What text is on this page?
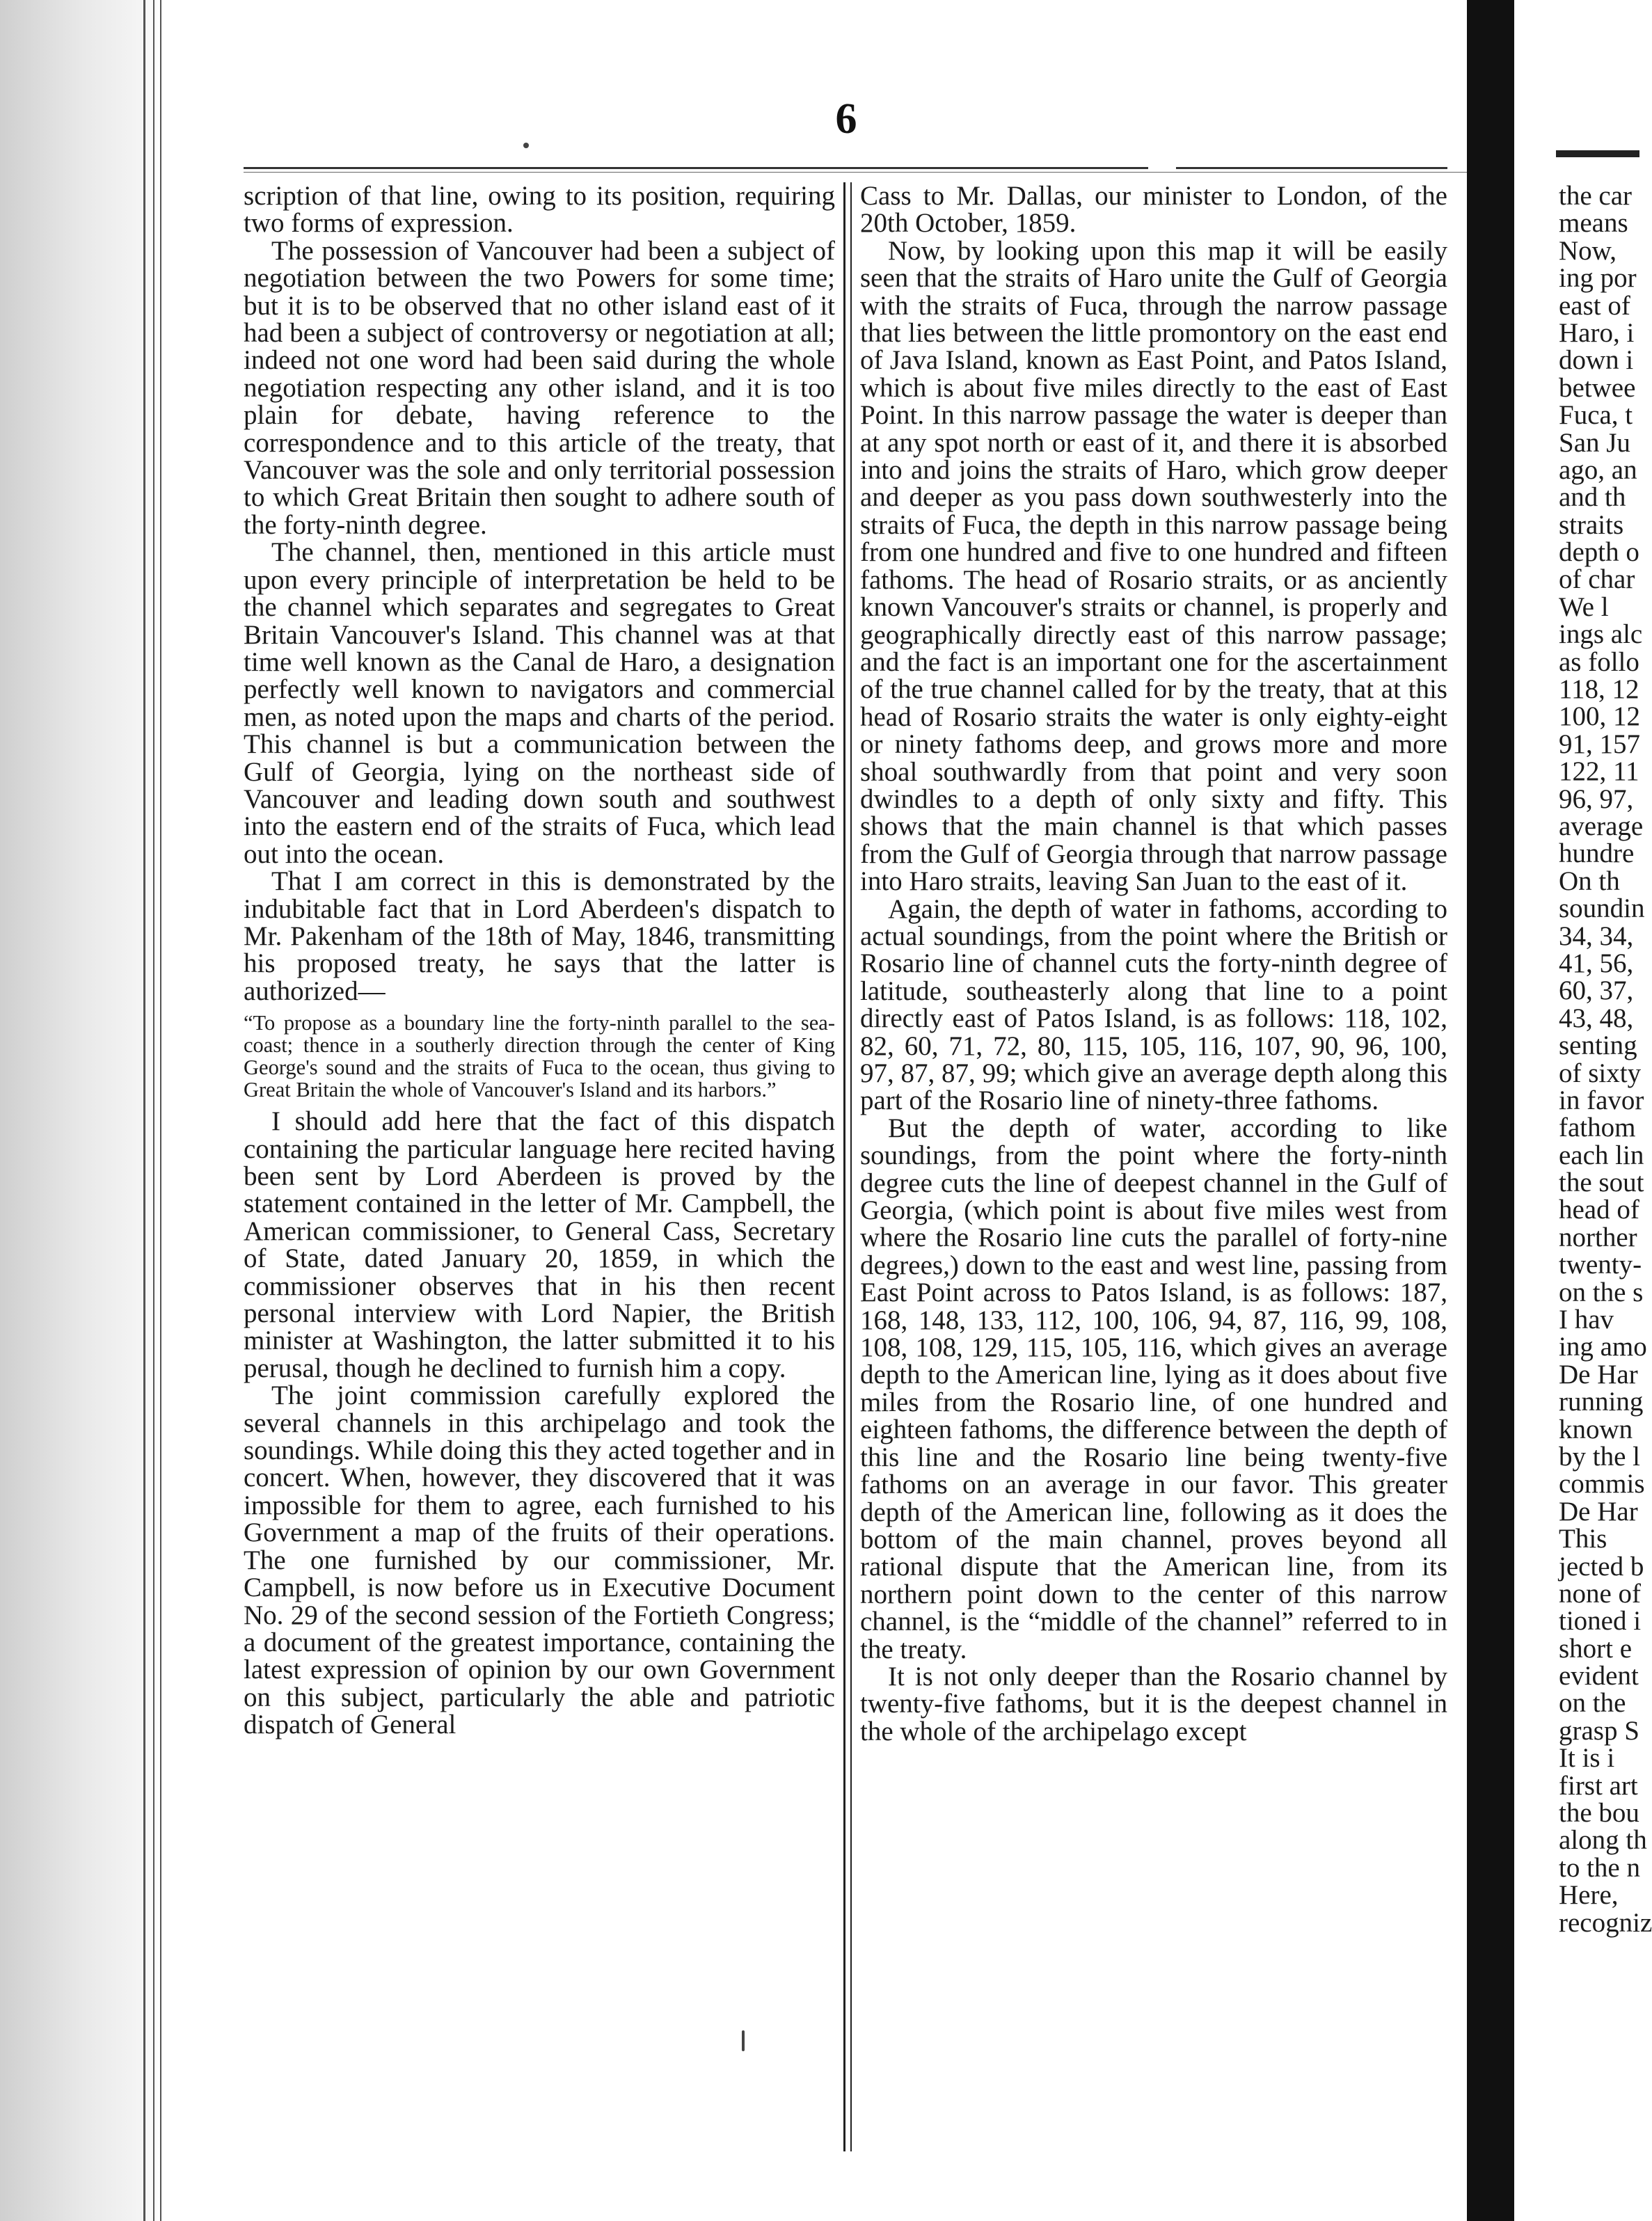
6

scription of that line, owing to its position, requiring two forms of expression.

The possession of Vancouver had been a subject of negotiation between the two Powers for some time; but it is to be observed that no other island east of it had been a subject of controversy or negotiation at all; indeed not one word had been said during the whole negotiation respecting any other island, and it is too plain for debate, having reference to the correspondence and to this article of the treaty, that Vancouver was the sole and only territorial possession to which Great Britain then sought to adhere south of the forty-ninth degree.

The channel, then, mentioned in this article must upon every principle of interpretation be held to be the channel which separates and segregates to Great Britain Vancouver's Island. This channel was at that time well known as the Canal de Haro, a designation perfectly well known to navigators and commercial men, as noted upon the maps and charts of the period. This channel is but a communication between the Gulf of Georgia, lying on the northeast side of Vancouver and leading down south and southwest into the eastern end of the straits of Fuca, which lead out into the ocean.

That I am correct in this is demonstrated by the indubitable fact that in Lord Aberdeen's dispatch to Mr. Pakenham of the 18th of May, 1846, transmitting his proposed treaty, he says that the latter is authorized—

“To propose as a boundary line the forty-ninth parallel to the sea-coast; thence in a southerly direction through the center of King George's sound and the straits of Fuca to the ocean, thus giving to Great Britain the whole of Vancouver's Island and its harbors.”

I should add here that the fact of this dispatch containing the particular language here recited having been sent by Lord Aberdeen is proved by the statement contained in the letter of Mr. Campbell, the American commissioner, to General Cass, Secretary of State, dated January 20, 1859, in which the commissioner observes that in his then recent personal interview with Lord Napier, the British minister at Washington, the latter submitted it to his perusal, though he declined to furnish him a copy.

The joint commission carefully explored the several channels in this archipelago and took the soundings. While doing this they acted together and in concert. When, however, they discovered that it was impossible for them to agree, each furnished to his Government a map of the fruits of their operations. The one furnished by our commissioner, Mr. Campbell, is now before us in Executive Document No. 29 of the second session of the Fortieth Congress; a document of the greatest importance, containing the latest expression of opinion by our own Government on this subject, particularly the able and patriotic dispatch of General

Cass to Mr. Dallas, our minister to London, of the 20th October, 1859.

Now, by looking upon this map it will be easily seen that the straits of Haro unite the Gulf of Georgia with the straits of Fuca, through the narrow passage that lies between the little promontory on the east end of Java Island, known as East Point, and Patos Island, which is about five miles directly to the east of East Point. In this narrow passage the water is deeper than at any spot north or east of it, and there it is absorbed into and joins the straits of Haro, which grow deeper and deeper as you pass down southwesterly into the straits of Fuca, the depth in this narrow passage being from one hundred and five to one hundred and fifteen fathoms. The head of Rosario straits, or as anciently known Vancouver's straits or channel, is properly and geographically directly east of this narrow passage; and the fact is an important one for the ascertainment of the true channel called for by the treaty, that at this head of Rosario straits the water is only eighty-eight or ninety fathoms deep, and grows more and more shoal southwardly from that point and very soon dwindles to a depth of only sixty and fifty. This shows that the main channel is that which passes from the Gulf of Georgia through that narrow passage into Haro straits, leaving San Juan to the east of it.

Again, the depth of water in fathoms, according to actual soundings, from the point where the British or Rosario line of channel cuts the forty-ninth degree of latitude, southeasterly along that line to a point directly east of Patos Island, is as follows: 118, 102, 82, 60, 71, 72, 80, 115, 105, 116, 107, 90, 96, 100, 97, 87, 87, 99; which give an average depth along this part of the Rosario line of ninety-three fathoms.

But the depth of water, according to like soundings, from the point where the forty-ninth degree cuts the line of deepest channel in the Gulf of Georgia, (which point is about five miles west from where the Rosario line cuts the parallel of forty-nine degrees,) down to the east and west line, passing from East Point across to Patos Island, is as follows: 187, 168, 148, 133, 112, 100, 106, 94, 87, 116, 99, 108, 108, 108, 129, 115, 105, 116, which gives an average depth to the American line, lying as it does about five miles from the Rosario line, of one hundred and eighteen fathoms, the difference between the depth of this line and the Rosario line being twenty-five fathoms on an average in our favor. This greater depth of the American line, following as it does the bottom of the main channel, proves beyond all rational dispute that the American line, from its northern point down to the center of this narrow channel, is the “middle of the channel” referred to in the treaty.

It is not only deeper than the Rosario channel by twenty-five fathoms, but it is the deepest channel in the whole of the archipelago except

the car
means
Now,
ing por
east of
Haro, i
down i
betwee
Fuca, t
San Ju
ago, an
and th
straits
depth o
of char
We l
ings alc
as follo
118, 12
100, 12
91, 157
122, 11
96, 97,
average
hundre
On th
soundin
34, 34,
41, 56,
60, 37,
43, 48,
senting
of sixty
in favor
fathom
each lin
the sout
head of
norther
twenty-
on the s
I hav
ing amo
De Har
running
known
by the l
commis
De Har
This
jected b
none of
tioned i
short e
evident
on the
grasp S
It is i
first art
the bou
along th
to the n
Here,
recogniz
